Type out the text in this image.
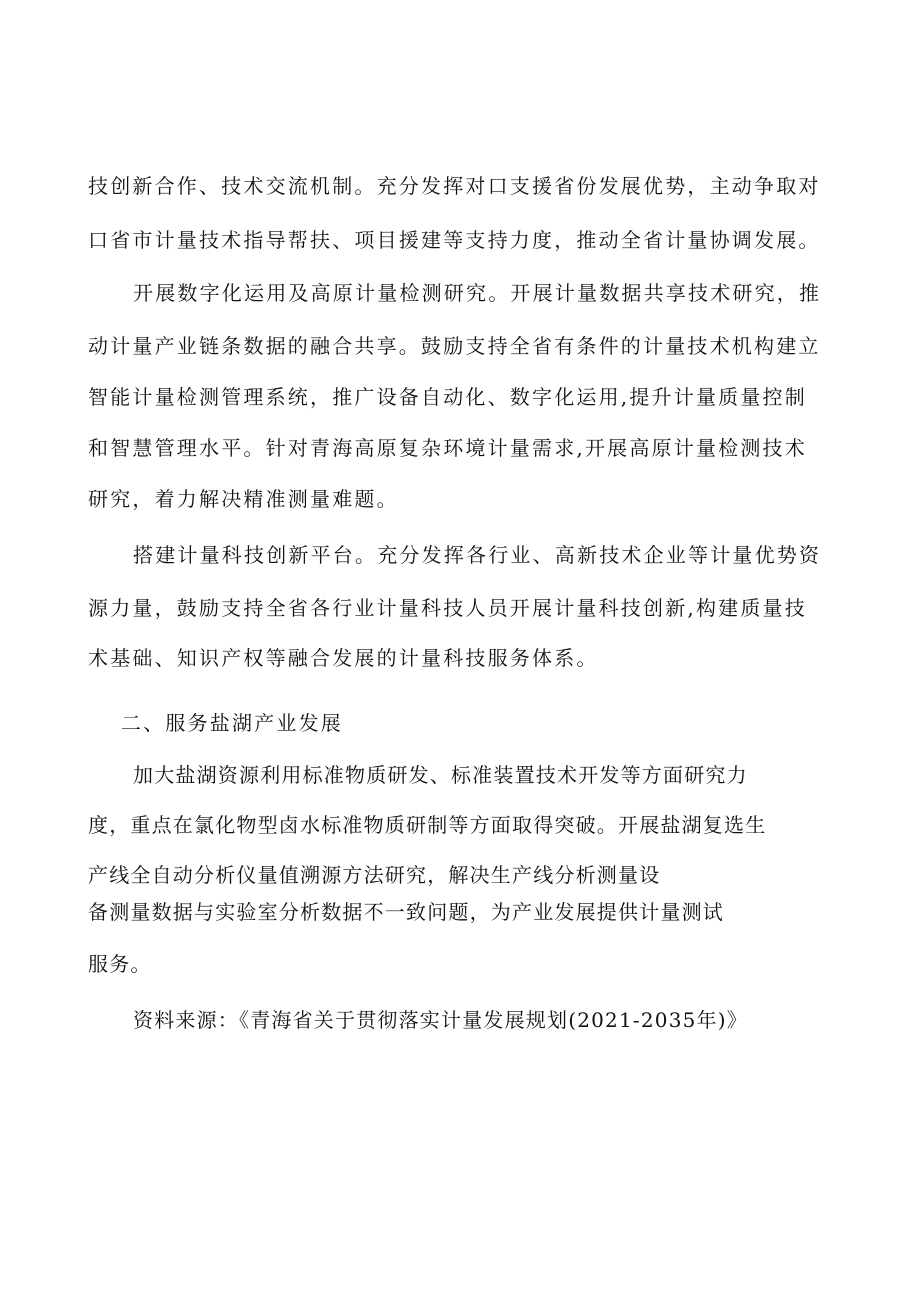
技创新合作、技术交流机制。充分发挥对口支援省份发展优势，主动争取对
口省市计量技术指导帮扶、项目援建等支持力度，推动全省计量协调发展。
开展数字化运用及高原计量检测研究。开展计量数据共享技术研究，推
动计量产业链条数据的融合共享。鼓励支持全省有条件的计量技术机构建立
智能计量检测管理系统，推广设备自动化、数字化运用,提升计量质量控制
和智慧管理水平。针对青海高原复杂环境计量需求,开展高原计量检测技术
研究，着力解决精准测量难题。
搭建计量科技创新平台。充分发挥各行业、高新技术企业等计量优势资
源力量，鼓励支持全省各行业计量科技人员开展计量科技创新,构建质量技
术基础、知识产权等融合发展的计量科技服务体系。
二、服务盐湖产业发展
加大盐湖资源利用标准物质研发、标准装置技术开发等方面研究力
度，重点在氯化物型卤水标准物质研制等方面取得突破。开展盐湖复选生
产线全自动分析仪量值溯源方法研究，解决生产线分析测量设
备测量数据与实验室分析数据不一致问题，为产业发展提供计量测试
服务。
资料来源：《青海省关于贯彻落实计量发展规划(2021-2035年)》
